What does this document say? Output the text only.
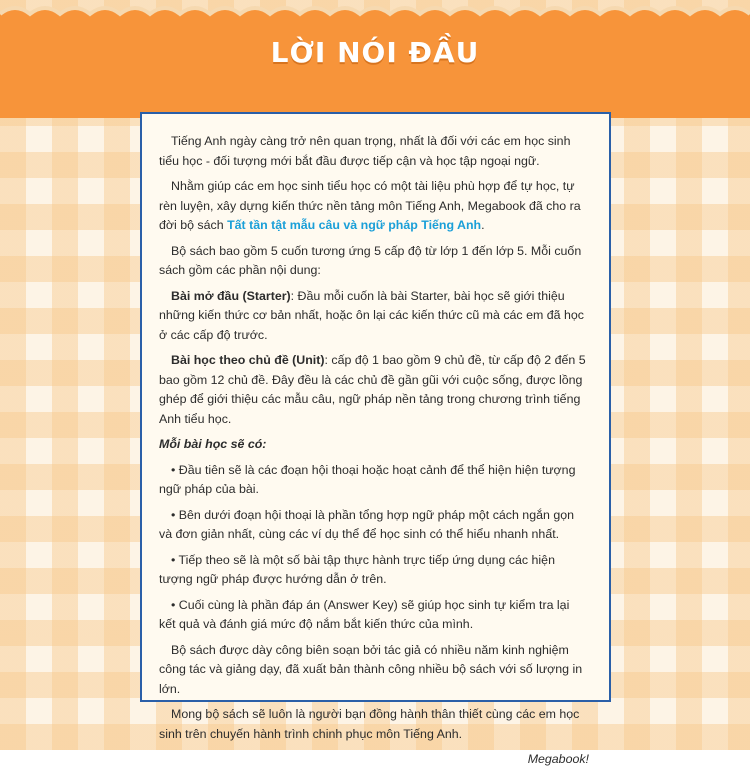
LỜI NÓI ĐẦU

Tiếng Anh ngày càng trở nên quan trọng, nhất là đối với các em học sinh tiểu học - đối tượng mới bắt đầu được tiếp cận và học tập ngoại ngữ.

Nhằm giúp các em học sinh tiểu học có một tài liệu phù hợp để tự học, tự rèn luyện, xây dựng kiến thức nền tảng môn Tiếng Anh, Megabook đã cho ra đời bộ sách Tất tần tật mẫu câu và ngữ pháp Tiếng Anh.

Bộ sách bao gồm 5 cuốn tương ứng 5 cấp độ từ lớp 1 đến lớp 5. Mỗi cuốn sách gồm các phần nội dung:

Bài mở đầu (Starter): Đầu mỗi cuốn là bài Starter, bài học sẽ giới thiệu những kiến thức cơ bản nhất, hoặc ôn lại các kiến thức cũ mà các em đã học ở các cấp độ trước.

Bài học theo chủ đề (Unit): cấp độ 1 bao gồm 9 chủ đề, từ cấp độ 2 đến 5 bao gồm 12 chủ đề. Đây đều là các chủ đề gần gũi với cuộc sống, được lồng ghép để giới thiệu các mẫu câu, ngữ pháp nền tảng trong chương trình tiếng Anh tiểu học.

Mỗi bài học sẽ có:

• Đầu tiên sẽ là các đoạn hội thoại hoặc hoạt cảnh để thể hiện hiện tượng ngữ pháp của bài.

• Bên dưới đoạn hội thoại là phần tổng hợp ngữ pháp một cách ngắn gọn và đơn giản nhất, cùng các ví dụ thể để học sinh có thể hiểu nhanh nhất.

• Tiếp theo sẽ là một số bài tập thực hành trực tiếp ứng dụng các hiện tượng ngữ pháp được hướng dẫn ở trên.

• Cuối cùng là phần đáp án (Answer Key) sẽ giúp học sinh tự kiểm tra lại kết quả và đánh giá mức độ nắm bắt kiến thức của mình.

Bộ sách được dày công biên soạn bởi tác giả có nhiều năm kinh nghiệm công tác và giảng dạy, đã xuất bản thành công nhiều bộ sách với số lượng in lớn.

Mong bộ sách sẽ luôn là người bạn đồng hành thân thiết cùng các em học sinh trên chuyến hành trình chinh phục môn Tiếng Anh.

Megabook!
